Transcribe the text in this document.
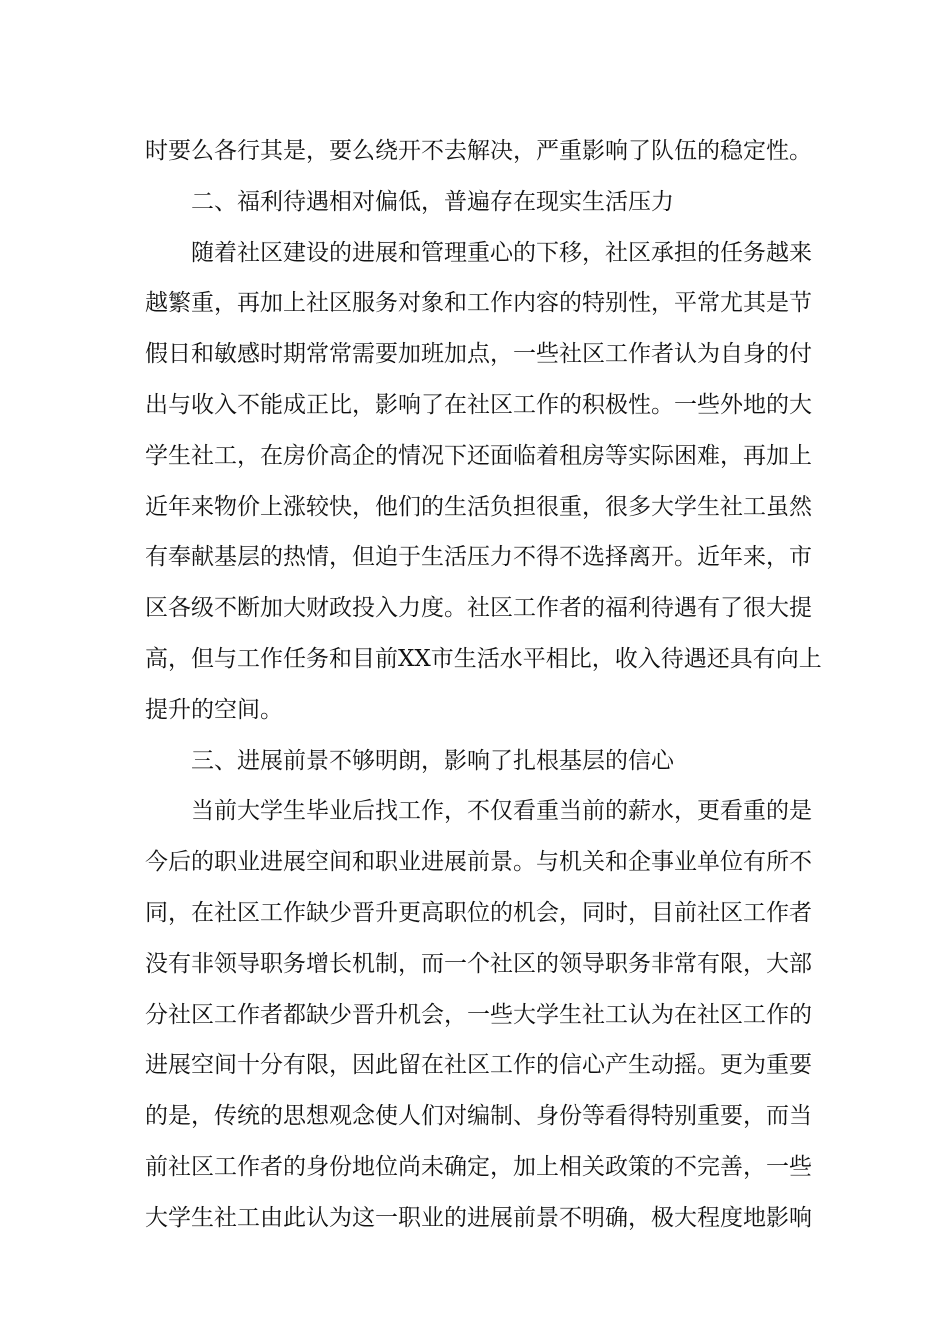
时要么各行其是，要么绕开不去解决，严重影响了队伍的稳定性。
二、福利待遇相对偏低，普遍存在现实生活压力
随着社区建设的进展和管理重心的下移，社区承担的任务越来
越繁重，再加上社区服务对象和工作内容的特别性，平常尤其是节
假日和敏感时期常常需要加班加点，一些社区工作者认为自身的付
出与收入不能成正比，影响了在社区工作的积极性。一些外地的大
学生社工，在房价高企的情况下还面临着租房等实际困难，再加上
近年来物价上涨较快，他们的生活负担很重，很多大学生社工虽然
有奉献基层的热情，但迫于生活压力不得不选择离开。近年来，市
区各级不断加大财政投入力度。社区工作者的福利待遇有了很大提
高，但与工作任务和目前XX市生活水平相比，收入待遇还具有向上
提升的空间。
三、进展前景不够明朗，影响了扎根基层的信心
当前大学生毕业后找工作，不仅看重当前的薪水，更看重的是
今后的职业进展空间和职业进展前景。与机关和企事业单位有所不
同，在社区工作缺少晋升更高职位的机会，同时，目前社区工作者
没有非领导职务增长机制，而一个社区的领导职务非常有限，大部
分社区工作者都缺少晋升机会，一些大学生社工认为在社区工作的
进展空间十分有限，因此留在社区工作的信心产生动摇。更为重要
的是，传统的思想观念使人们对编制、身份等看得特别重要，而当
前社区工作者的身份地位尚未确定，加上相关政策的不完善，一些
大学生社工由此认为这一职业的进展前景不明确，极大程度地影响
